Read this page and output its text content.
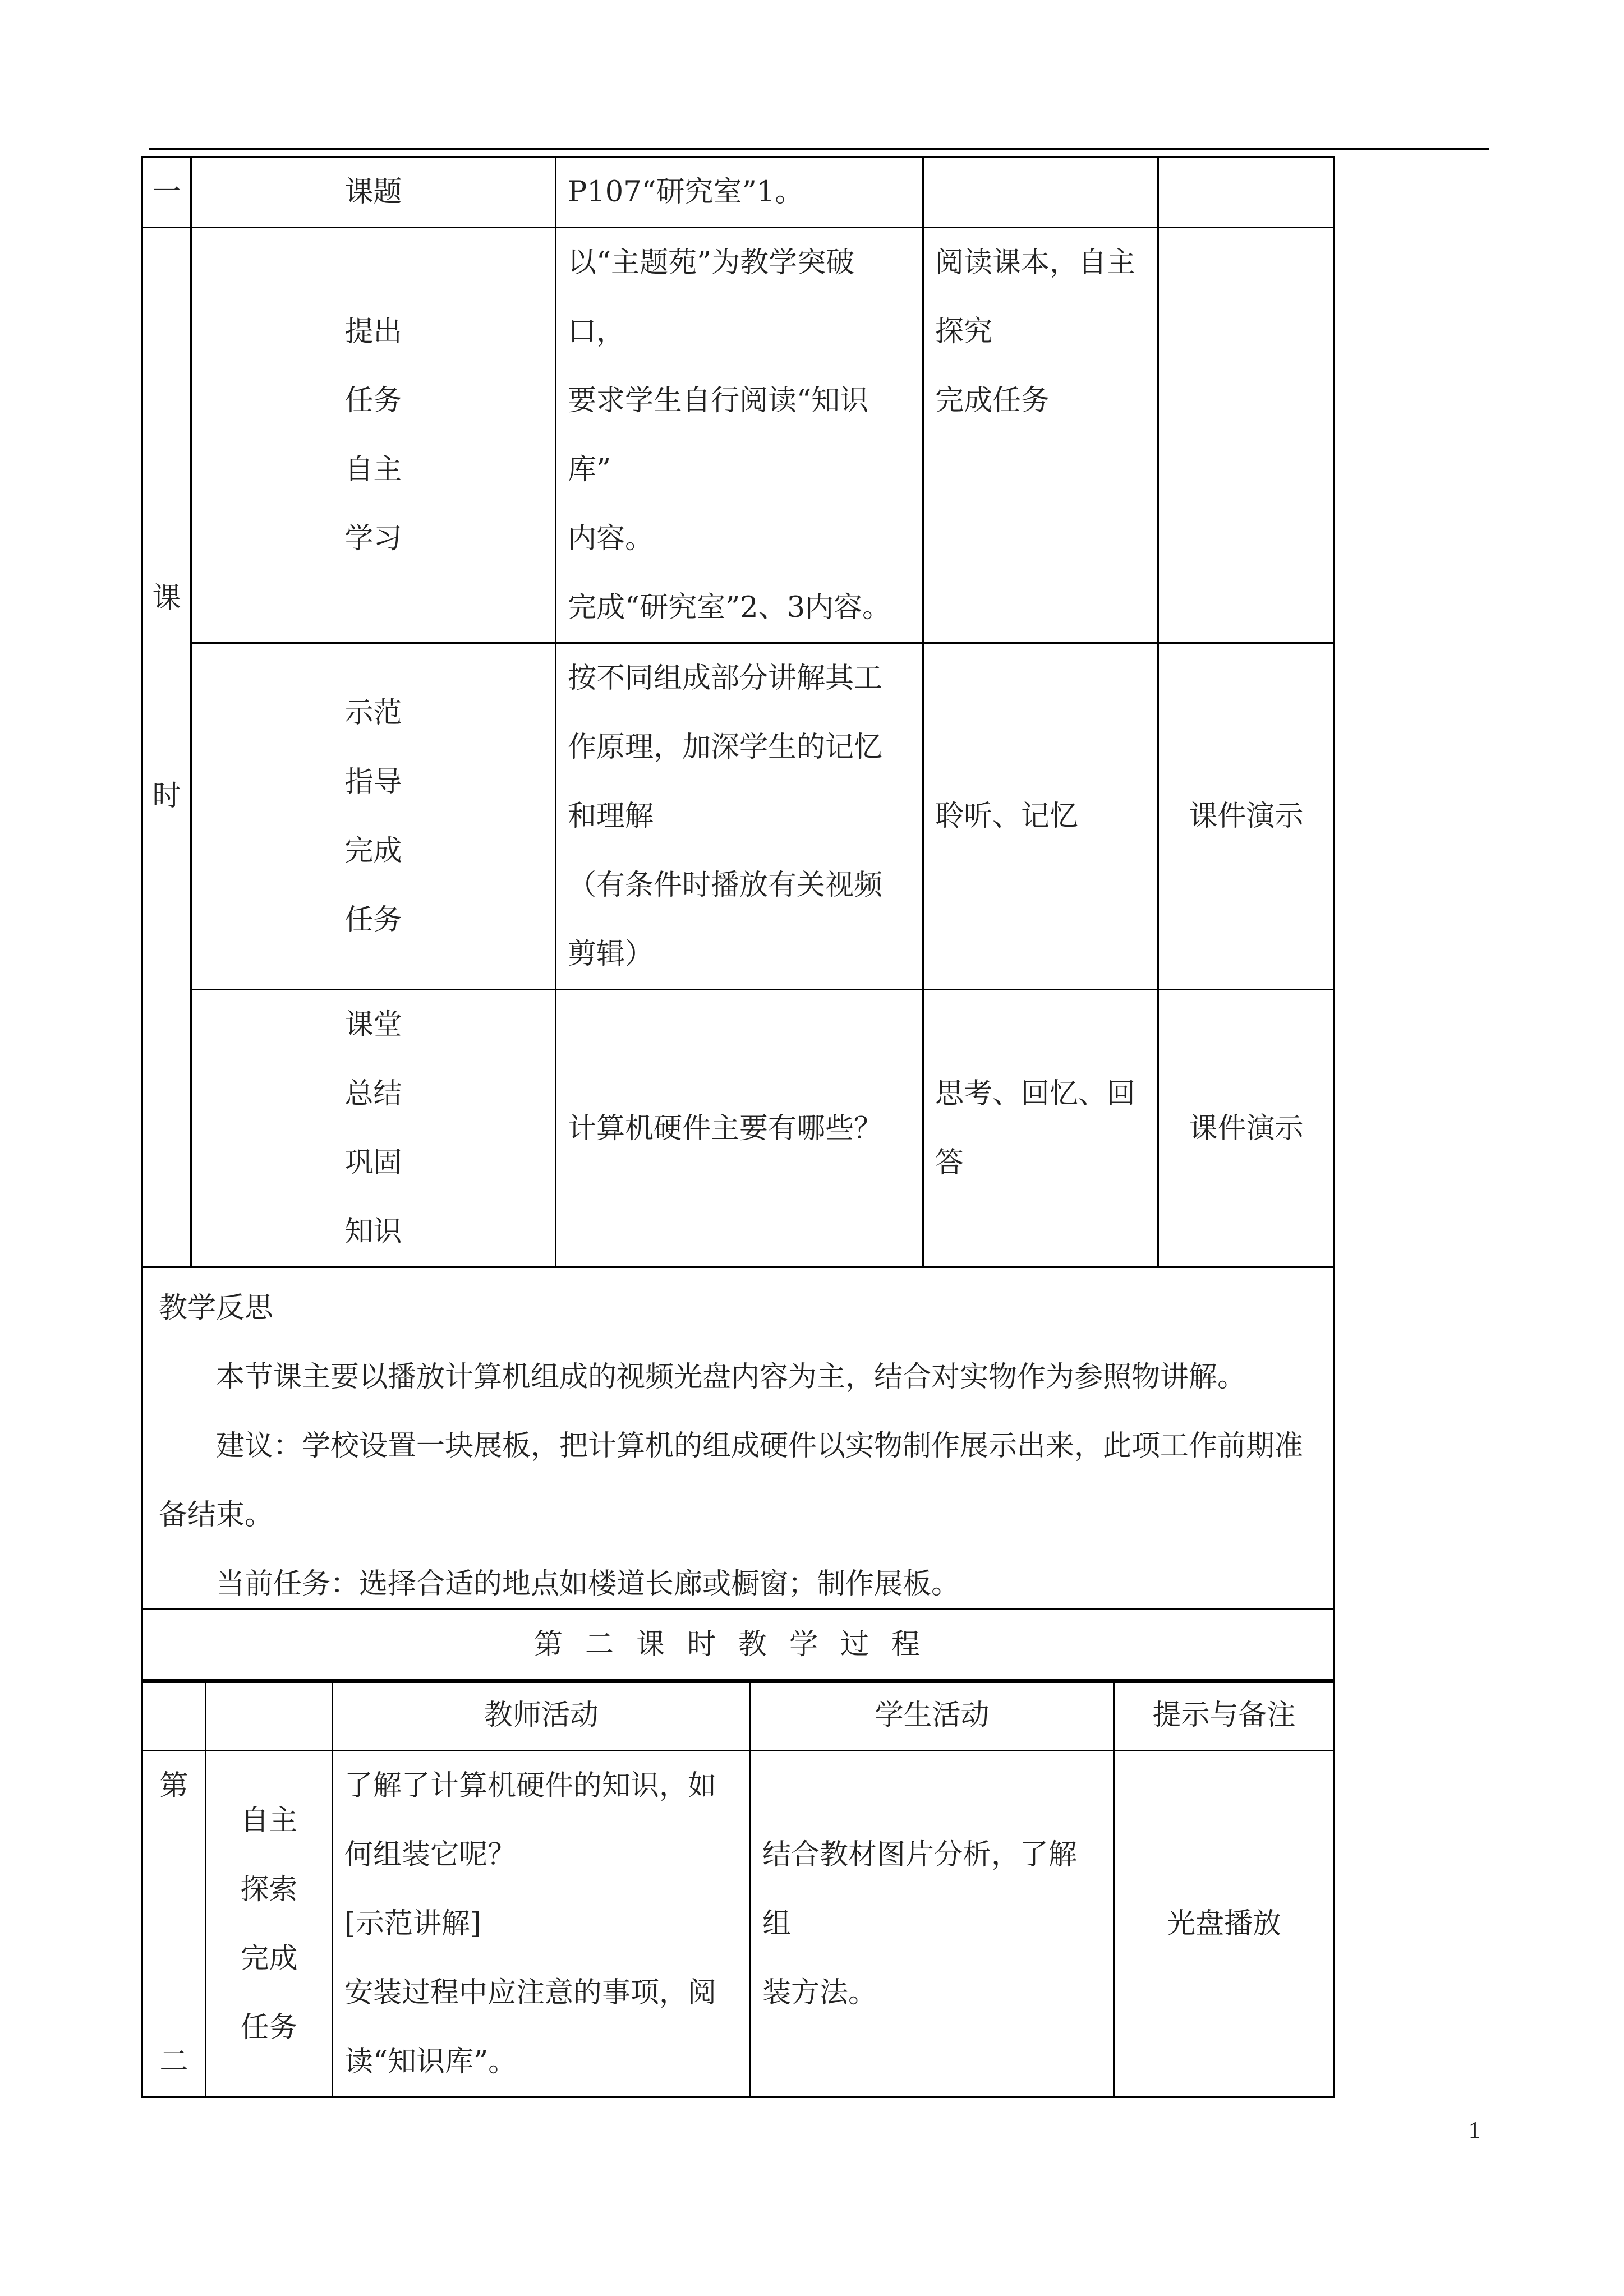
一	课题	P107“研究室”1。		

课
时	提出
任务
自主
学习	以“主题苑”为教学突破口，
要求学生自行阅读“知识库”
内容。
完成“研究室”2、3内容。	阅读课本，自主
探究
完成任务	

	示范
指导
完成
任务	按不同组成部分讲解其工
作原理，加深学生的记忆
和理解
（有条件时播放有关视频
剪辑）	聆听、记忆	课件演示

	课堂
总结
巩固
知识	计算机硬件主要有哪些？	思考、回忆、回
答	课件演示

教学反思
本节课主要以播放计算机组成的视频光盘内容为主，结合对实物作为参照物讲解。
建议：学校设置一块展板，把计算机的组成硬件以实物制作展示出来，此项工作前期准备结束。
当前任务：选择合适的地点如楼道长廊或橱窗；制作展板。				
第二课时教学过程				
		教师活动	学生活动	提示与备注

第
二	自主
探索
完成
任务	了解了计算机硬件的知识，如
何组装它呢？
[示范讲解]
安装过程中应注意的事项，阅
读“知识库”。	结合教材图片分析，了解组
装方法。	光盘播放
1
